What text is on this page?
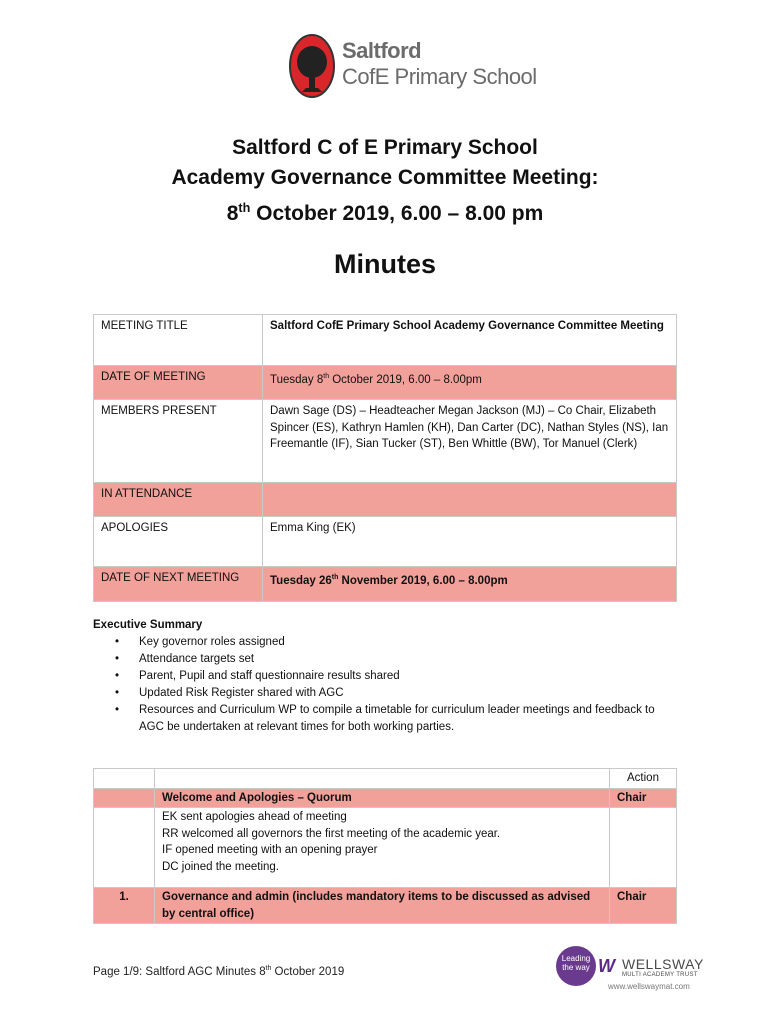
Saltford
CofE Primary School
Saltford C of E Primary School
Academy Governance Committee Meeting:
8th October 2019, 6.00 – 8.00 pm
Minutes
MEETING TITLE	Saltford CofE Primary School Academy Governance Committee Meeting
DATE OF MEETING	Tuesday 8th October 2019, 6.00 – 8.00pm
MEMBERS PRESENT	Dawn Sage (DS) – Headteacher Megan Jackson (MJ) – Co Chair, Elizabeth Spincer (ES), Kathryn Hamlen (KH), Dan Carter (DC), Nathan Styles (NS), Ian Freemantle (IF), Sian Tucker (ST), Ben Whittle (BW), Tor Manuel (Clerk)
IN ATTENDANCE	
APOLOGIES	Emma King (EK)
DATE OF NEXT MEETING	Tuesday 26th November 2019, 6.00 – 8.00pm
Executive Summary
• Key governor roles assigned
• Attendance targets set
• Parent, Pupil and staff questionnaire results shared
• Updated Risk Register shared with AGC
• Resources and Curriculum WP to compile a timetable for curriculum leader meetings and feedback to AGC be undertaken at relevant times for both working parties.
		Action
	Welcome and Apologies – Quorum	Chair

	EK sent apologies ahead of meeting
RR welcomed all governors the first meeting of the academic year.
IF opened meeting with an opening prayer
DC joined the meeting.	

1.	Governance and admin (includes mandatory items to be discussed as advised by central office)	Chair
Page 1/9: Saltford AGC Minutes 8th October 2019
Leading
the way W WELLSWAY
MULTI ACADEMY TRUST
www.wellswaymat.com
